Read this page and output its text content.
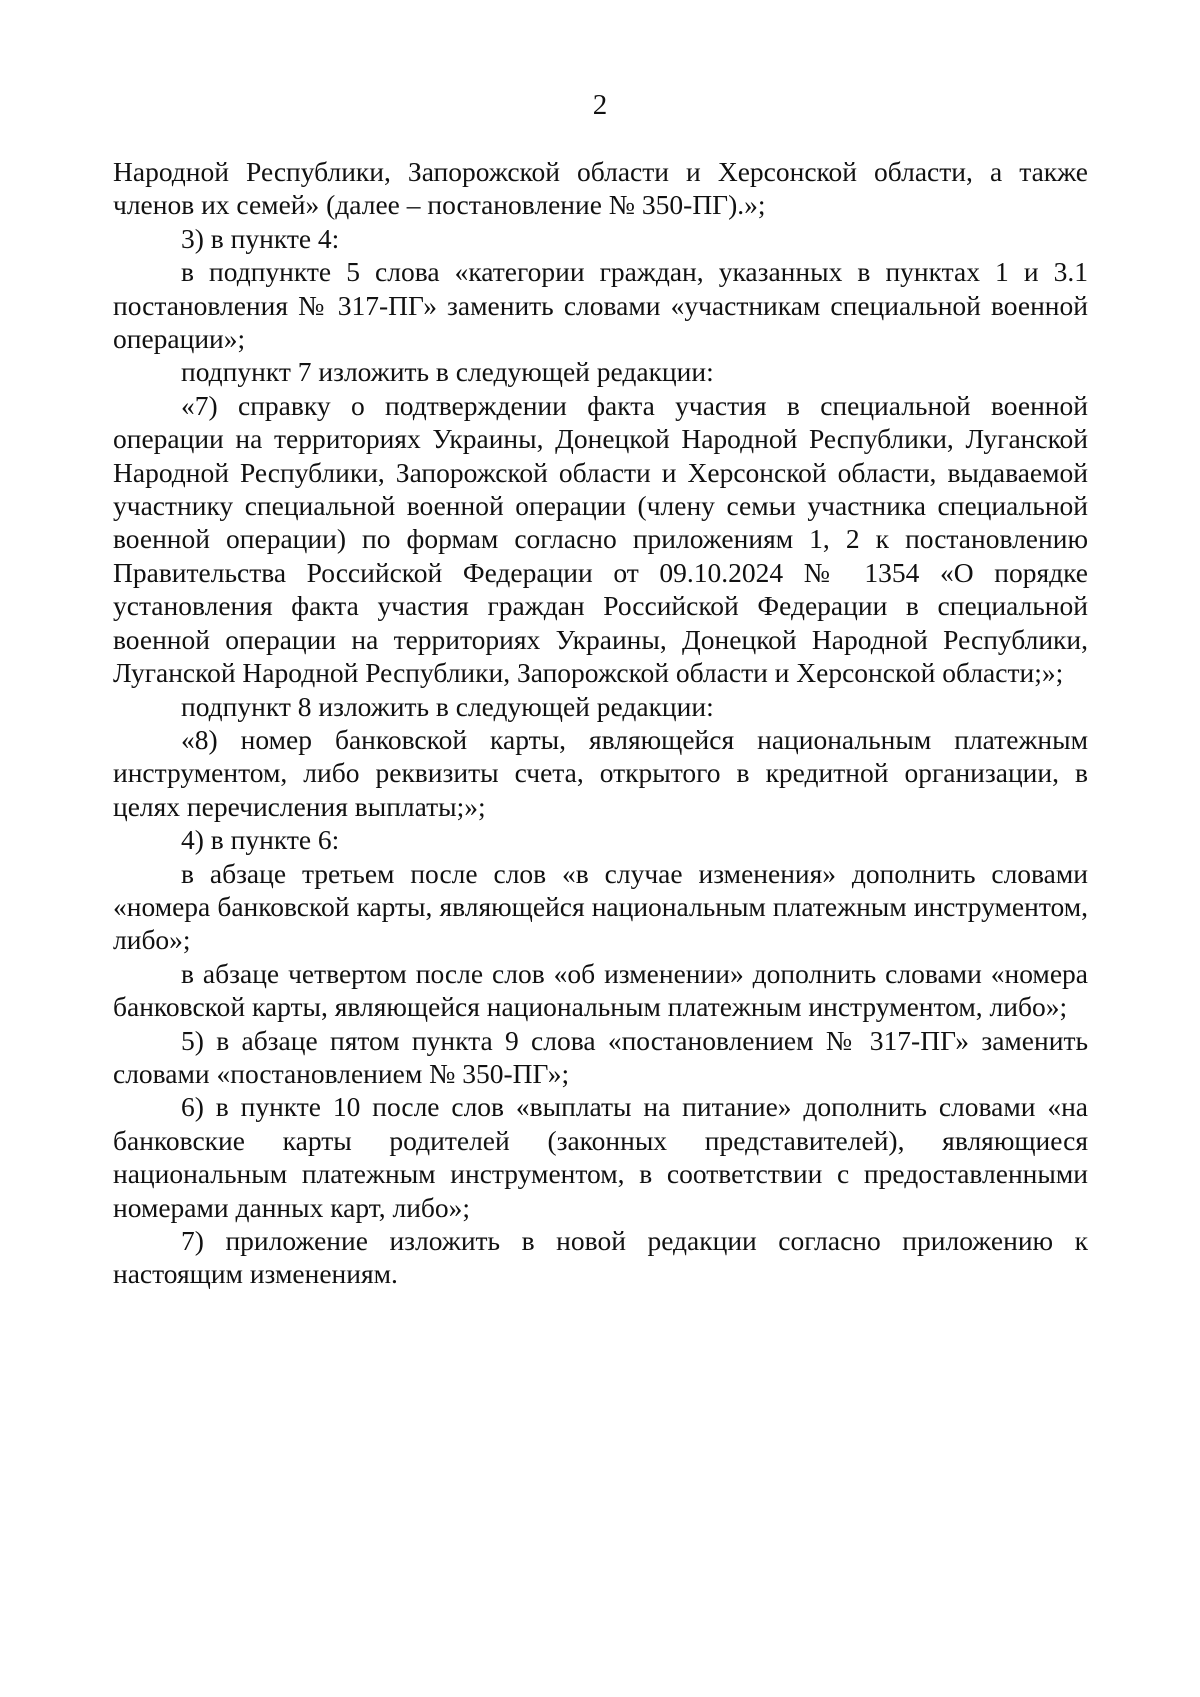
2

Народной Республики, Запорожской области и Херсонской области, а также членов их семей» (далее – постановление № 350-ПГ).»;

3) в пункте 4:

в подпункте 5 слова «категории граждан, указанных в пунктах 1 и 3.1 постановления № 317-ПГ» заменить словами «участникам специальной военной операции»;

подпункт 7 изложить в следующей редакции:

«7) справку о подтверждении факта участия в специальной военной операции на территориях Украины, Донецкой Народной Республики, Луганской Народной Республики, Запорожской области и Херсонской области, выдаваемой участнику специальной военной операции (члену семьи участника специальной военной операции) по формам согласно приложениям 1, 2 к постановлению Правительства Российской Федерации от 09.10.2024 № 1354 «О порядке установления факта участия граждан Российской Федерации в специальной военной операции на территориях Украины, Донецкой Народной Республики, Луганской Народной Республики, Запорожской области и Херсонской области;»;

подпункт 8 изложить в следующей редакции:

«8) номер банковской карты, являющейся национальным платежным инструментом, либо реквизиты счета, открытого в кредитной организации, в целях перечисления выплаты;»;

4) в пункте 6:

в абзаце третьем после слов «в случае изменения» дополнить словами «номера банковской карты, являющейся национальным платежным инструментом, либо»;

в абзаце четвертом после слов «об изменении» дополнить словами «номера банковской карты, являющейся национальным платежным инструментом, либо»;

5) в абзаце пятом пункта 9 слова «постановлением № 317-ПГ» заменить словами «постановлением № 350-ПГ»;

6) в пункте 10 после слов «выплаты на питание» дополнить словами «на банковские карты родителей (законных представителей), являющиеся национальным платежным инструментом, в соответствии с предоставленными номерами данных карт, либо»;

7) приложение изложить в новой редакции согласно приложению к настоящим изменениям.
